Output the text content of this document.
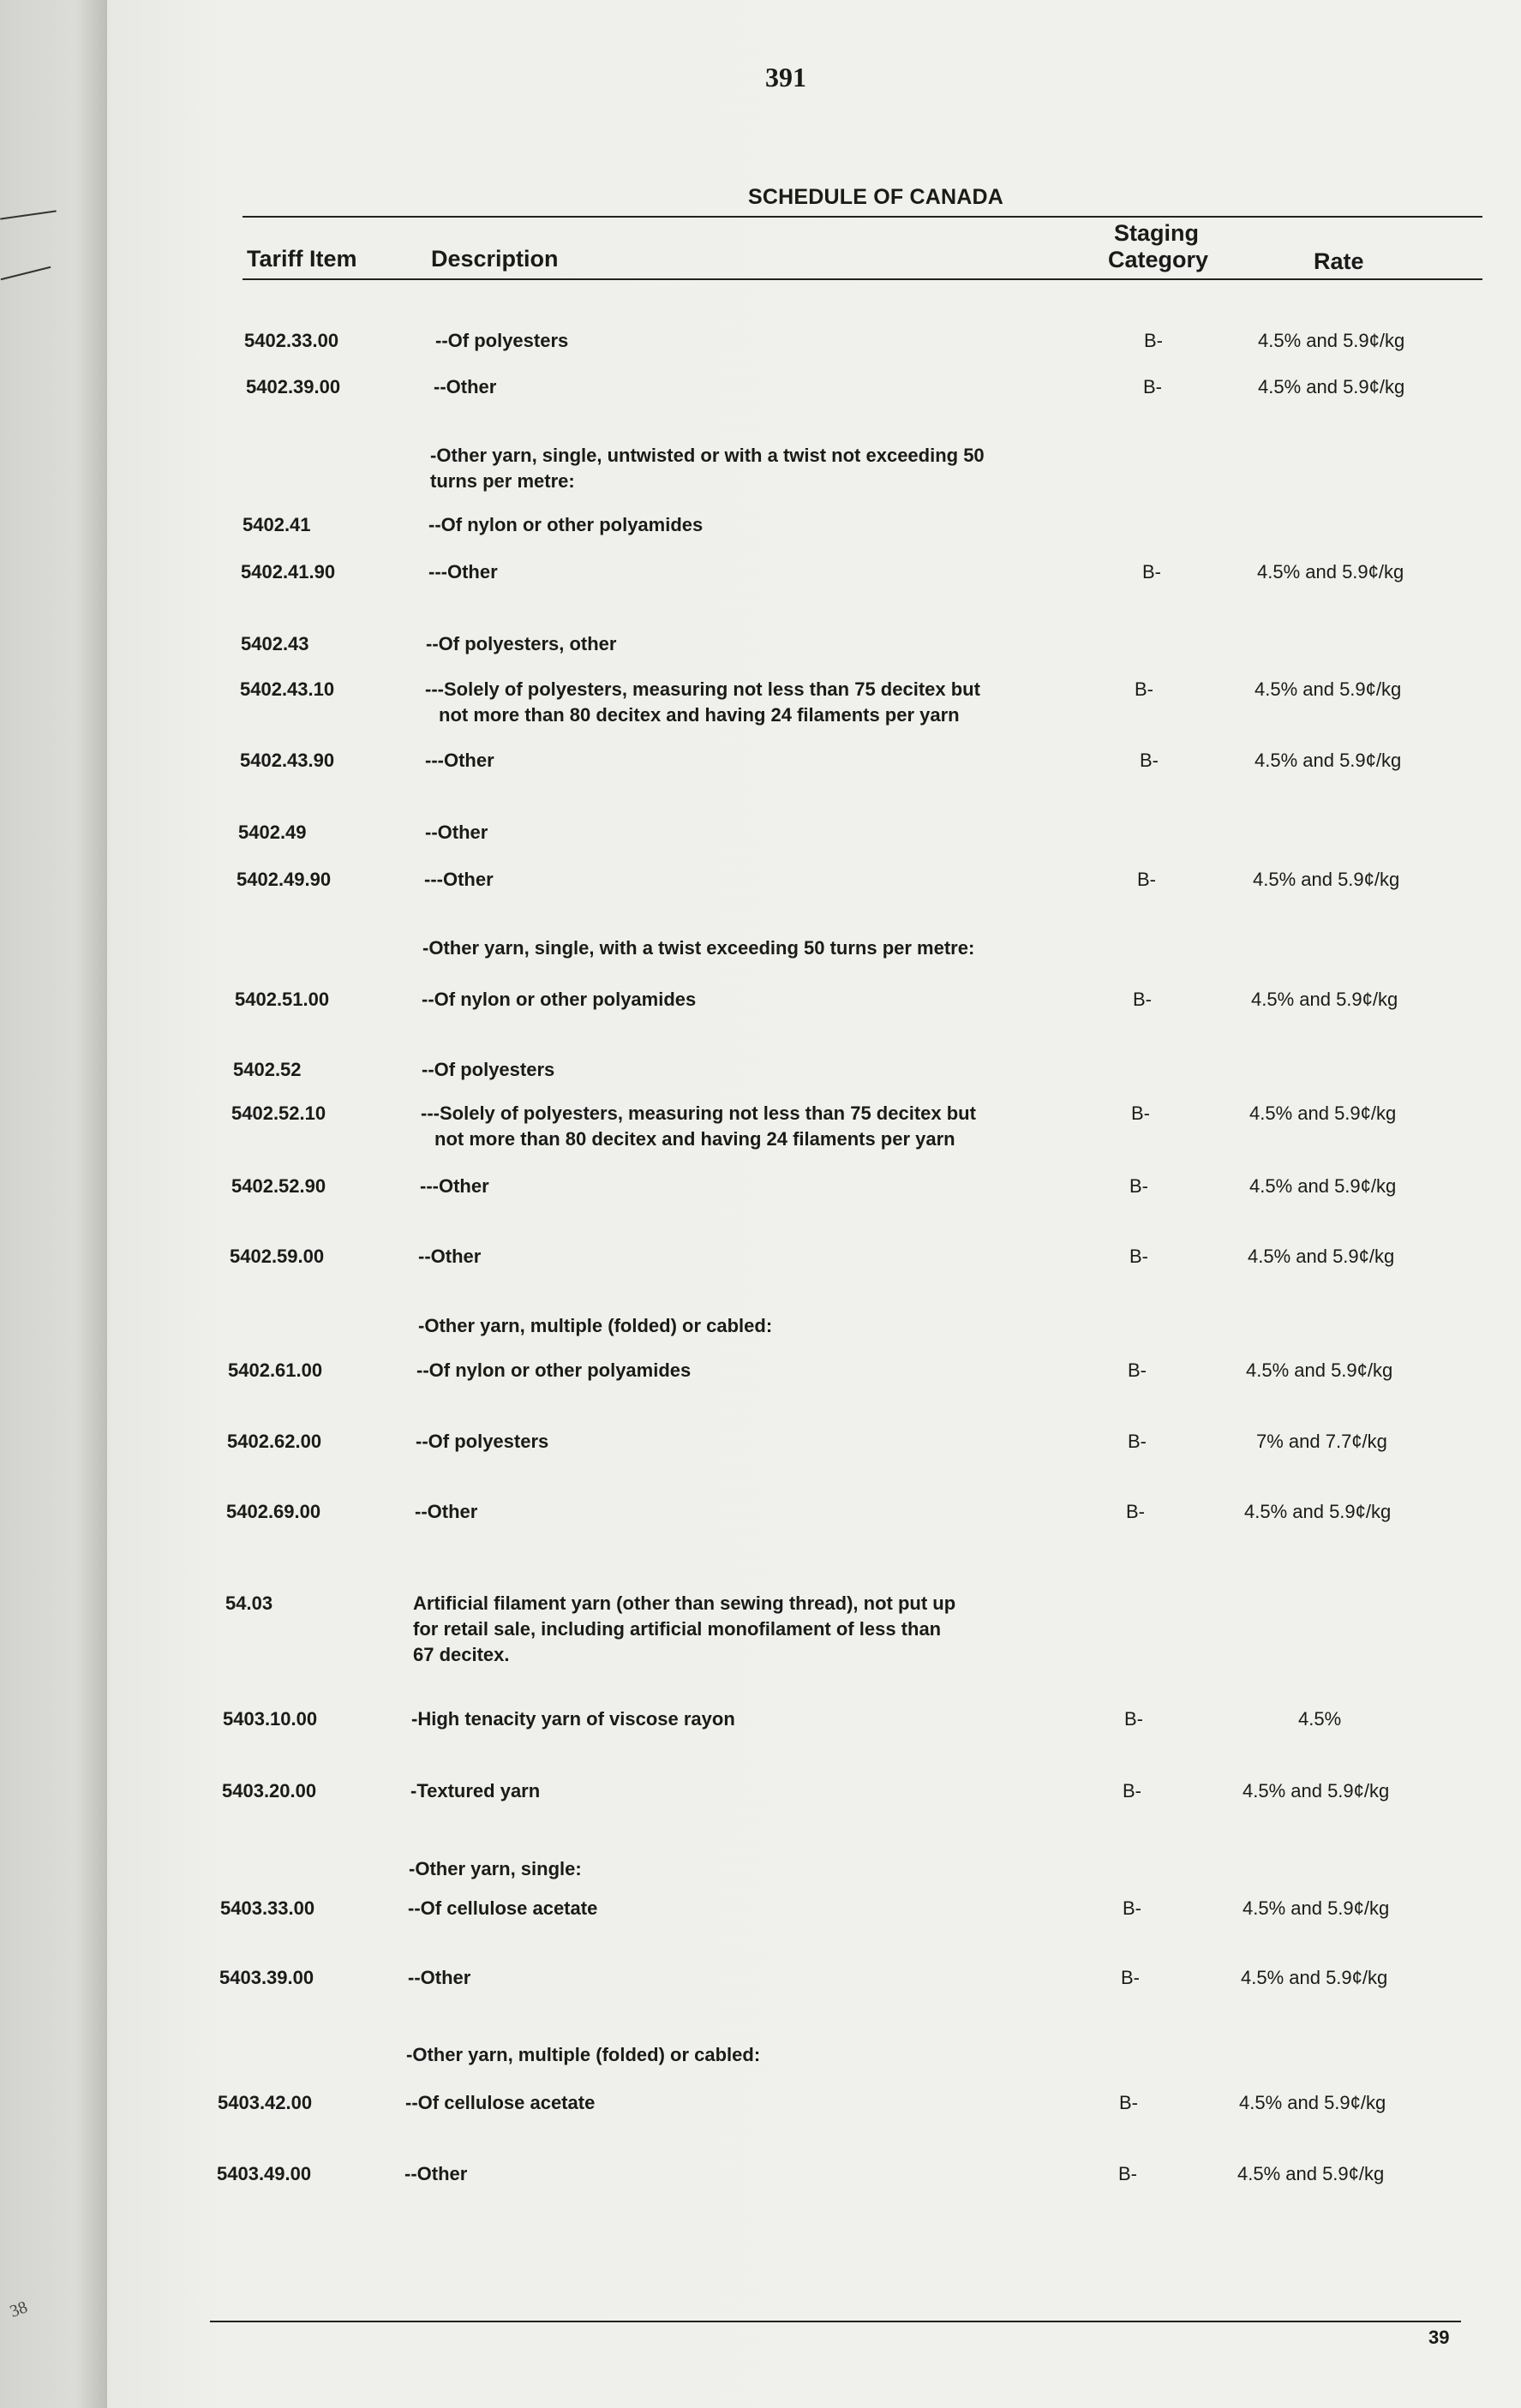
38
391
SCHEDULE OF CANADA
Tariff Item	Description
Staging
Category	Rate
5402.33.00	--Of polyesters	B-	4.5% and 5.9¢/kg
5402.39.00	--Other	B-	4.5% and 5.9¢/kg
-Other yarn, single, untwisted or with a twist not exceeding 50
turns per metre:
5402.41	--Of nylon or other polyamides
5402.41.90	---Other	B-	4.5% and 5.9¢/kg
5402.43	--Of polyesters, other
5402.43.10	---Solely of polyesters, measuring not less than 75 decitex but
not more than 80 decitex and having 24 filaments per yarn
B-	4.5% and 5.9¢/kg
5402.43.90	---Other	B-	4.5% and 5.9¢/kg
5402.49	--Other
5402.49.90	---Other	B-	4.5% and 5.9¢/kg
-Other yarn, single, with a twist exceeding 50 turns per metre:
5402.51.00	--Of nylon or other polyamides	B-	4.5% and 5.9¢/kg
5402.52	--Of polyesters
5402.52.10	---Solely of polyesters, measuring not less than 75 decitex but
not more than 80 decitex and having 24 filaments per yarn
B-	4.5% and 5.9¢/kg
5402.52.90	---Other	B-	4.5% and 5.9¢/kg
5402.59.00	--Other	B-	4.5% and 5.9¢/kg
-Other yarn, multiple (folded) or cabled:
5402.61.00	--Of nylon or other polyamides	B-	4.5% and 5.9¢/kg
5402.62.00	--Of polyesters	B-	7% and 7.7¢/kg
5402.69.00	--Other	B-	4.5% and 5.9¢/kg
54.03	Artificial filament yarn (other than sewing thread), not put up
for retail sale, including artificial monofilament of less than
67 decitex.
5403.10.00	-High tenacity yarn of viscose rayon	B-	4.5%
5403.20.00	-Textured yarn	B-	4.5% and 5.9¢/kg
-Other yarn, single:
5403.33.00	--Of cellulose acetate	B-	4.5% and 5.9¢/kg
5403.39.00	--Other	B-	4.5% and 5.9¢/kg
-Other yarn, multiple (folded) or cabled:
5403.42.00	--Of cellulose acetate	B-	4.5% and 5.9¢/kg
5403.49.00	--Other	B-	4.5% and 5.9¢/kg
39
